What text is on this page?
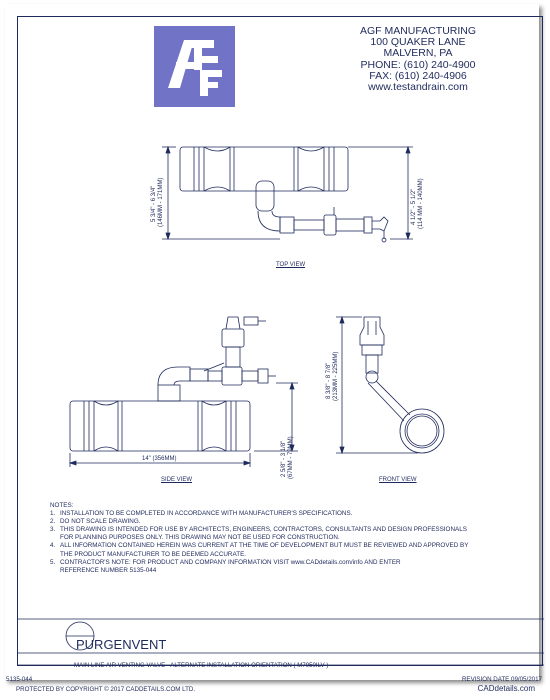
AGF MANUFACTURING
100 QUAKER LANE
MALVERN, PA
PHONE: (610) 240-4900
FAX: (610) 240-4906
www.testandrain.com
TOP VIEW
SIDE VIEW	FRONT VIEW
5 3/4" - 6 3/4" (146MM - 171MM)	4 1/2" - 5 1/2" (114 MM - 140MM)
14" (356MM)	2 5/8" - 3 1/8" (67MM - 79MM)
8 3/8" - 8 7/8" (213MM - 225MM)
PURGENVENT
MAIN LINE AIR VENTING VALVE - ALTERNATE INSTALLATION ORIENTATION ( M7950ILV )
5135-044	REVISION DATE 09/05/2017
NOTES:
1. INSTALLATION TO BE COMPLETED IN ACCORDANCE WITH MANUFACTURER'S SPECIFICATIONS.
2. DO NOT SCALE DRAWING.
3. THIS DRAWING IS INTENDED FOR USE BY ARCHITECTS, ENGINEERS, CONTRACTORS, CONSULTANTS AND DESIGN PROFESSIONALS
FOR PLANNING PURPOSES ONLY. THIS DRAWING MAY NOT BE USED FOR CONSTRUCTION.
4. ALL INFORMATION CONTAINED HEREIN WAS CURRENT AT THE TIME OF DEVELOPMENT BUT MUST BE REVIEWED AND APPROVED BY
THE PRODUCT MANUFACTURER TO BE DEEMED ACCURATE.
5. CONTRACTOR'S NOTE: FOR PRODUCT AND COMPANY INFORMATION VISIT www.CADdetails.com/info AND ENTER
REFERENCE NUMBER 5135-044
PROTECTED BY COPYRIGHT © 2017 CADDETAILS.COM LTD.	CADdetails.com
